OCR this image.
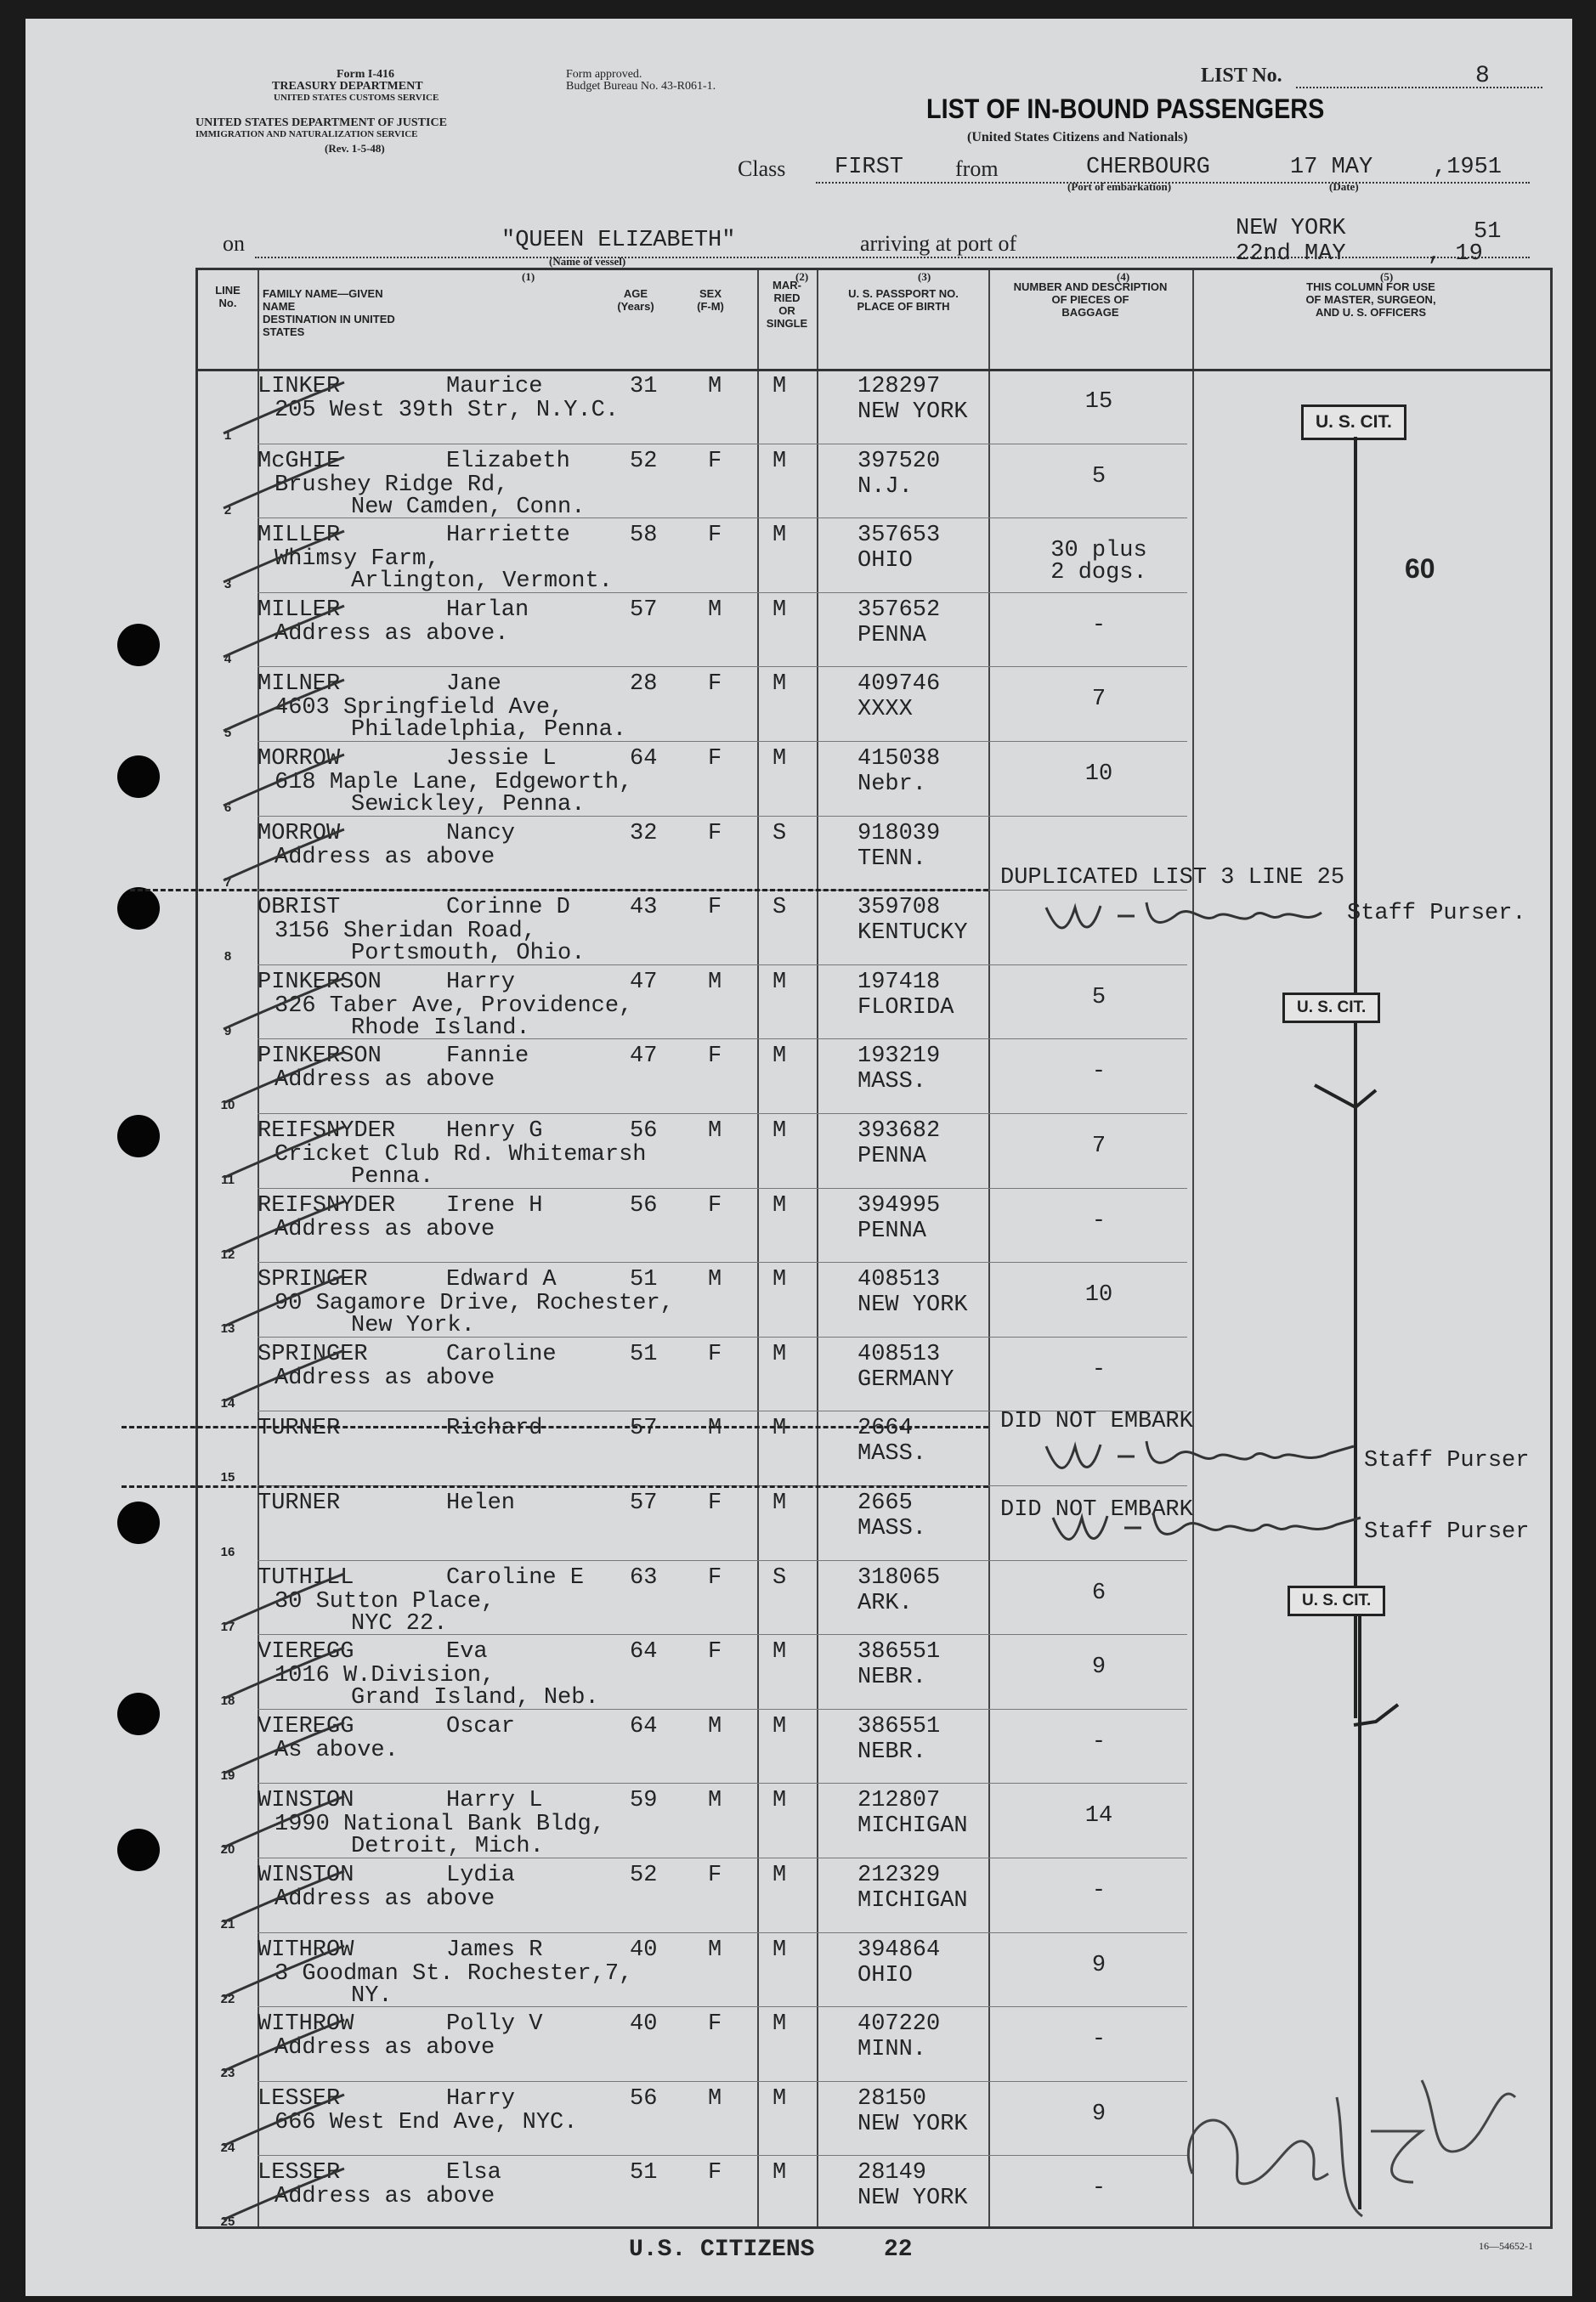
Form I-416
TREASURY DEPARTMENT
UNITED STATES CUSTOMS SERVICE
Form approved.
Budget Bureau No. 43-R061-1.
UNITED STATES DEPARTMENT OF JUSTICE
IMMIGRATION AND NATURALIZATION SERVICE
(Rev. 1-5-48)
LIST No.	8
LIST OF IN-BOUND PASSENGERS
(United States Citizens and Nationals)
Class FIRST from	CHERBOURG
(Port of embarkation)
17 MAY
(Date)
,1951
on	"QUEEN ELIZABETH"
(Name of vessel)
(1)
arriving at port of
NEW YORK
22nd MAY	, 19
51
(2)	(3)	(4)	(5)
LINE
No.
FAMILY NAME—GIVEN NAME
DESTINATION IN UNITED STATES
AGE
(Years)
SEX
(F-M)
MAR-
RIED
OR
SINGLE
U. S. PASSPORT NO.
PLACE OF BIRTH
NUMBER AND DESCRIPTION
OF PIECES OF
BAGGAGE
THIS COLUMN FOR USE
OF MASTER, SURGEON,
AND U. S. OFFICERS
1
LINKER	Maurice	31 M M
205 West 39th Str, N.Y.C.
128297
NEW YORK	15
2
McGHIE	Elizabeth	52 F M
Brushey Ridge Rd,
New Camden, Conn.
397520
N.J.	5
3
MILLER	Harriette	58 F M
Whimsy Farm,
Arlington, Vermont.
357653
OHIO	30 plus
2 dogs.
4
MILLER	Harlan	57 M M
Address as above.
357652
PENNA	-
5
MILNER	Jane	28 F M
4603 Springfield Ave,
Philadelphia, Penna.
409746
XXXX	7
6
MORROW	Jessie L	64 F M
618 Maple Lane, Edgeworth,
Sewickley, Penna.
415038
Nebr.	10
7
MORROW	Nancy	32 F S
Address as above
918039
TENN.
8
OBRIST	Corinne D	43 F S
3156 Sheridan Road,
Portsmouth, Ohio.
359708
KENTUCKY
9
PINKERSON	Harry	47 M M
326 Taber Ave, Providence,
Rhode Island.
197418
FLORIDA	5
10
PINKERSON	Fannie	47 F M
Address as above
193219
MASS.	-
11
REIFSNYDER Henry G	56 M M
Cricket Club Rd. Whitemarsh
Penna.
393682
PENNA	7
12
REIFSNYDER Irene H	56 F M
Address as above
394995
PENNA	-
13
SPRINGER	Edward A	51 M M
90 Sagamore Drive, Rochester,
New York.
408513
NEW YORK	10
14
SPRINGER	Caroline	51 F M
Address as above
408513
GERMANY	-
15
TURNER	Richard	57 M M	2664
MASS.
16
TURNER	Helen	57 F M	2665
MASS.
17
TUTHILL	Caroline E 63 F S
30 Sutton Place,
NYC 22.
318065
ARK.	6
18
VIEREGG	Eva	64 F M
1016 W.Division,
Grand Island, Neb.
386551
NEBR.	9
19
VIEREGG	Oscar	64 M M
As above.
386551
NEBR.	-
20
WINSTON	Harry L	59 M M
1990 National Bank Bldg,
Detroit, Mich.
212807
MICHIGAN	14
21
WINSTON	Lydia	52 F M
Address as above
212329
MICHIGAN	-
22
WITHROW	James R	40 M M
3 Goodman St. Rochester,7,
NY.
394864
OHIO	9
23
WITHROW	Polly V	40 F M
Address as above
407220
MINN.	-
24
LESSER	Harry	56 M M
666 West End Ave, NYC.
28150
NEW YORK	9
25
LESSER	Elsa	51 F M
Address as above
28149
NEW YORK	-
U. S. CIT.
60
U. S. CIT.
U. S. CIT.
DUPLICATED LIST 3 LINE 25
Staff Purser.
DID NOT EMBARK
Staff Purser
DID NOT EMBARK
Staff Purser
U.S. CITIZENS	22	16—54652-1
